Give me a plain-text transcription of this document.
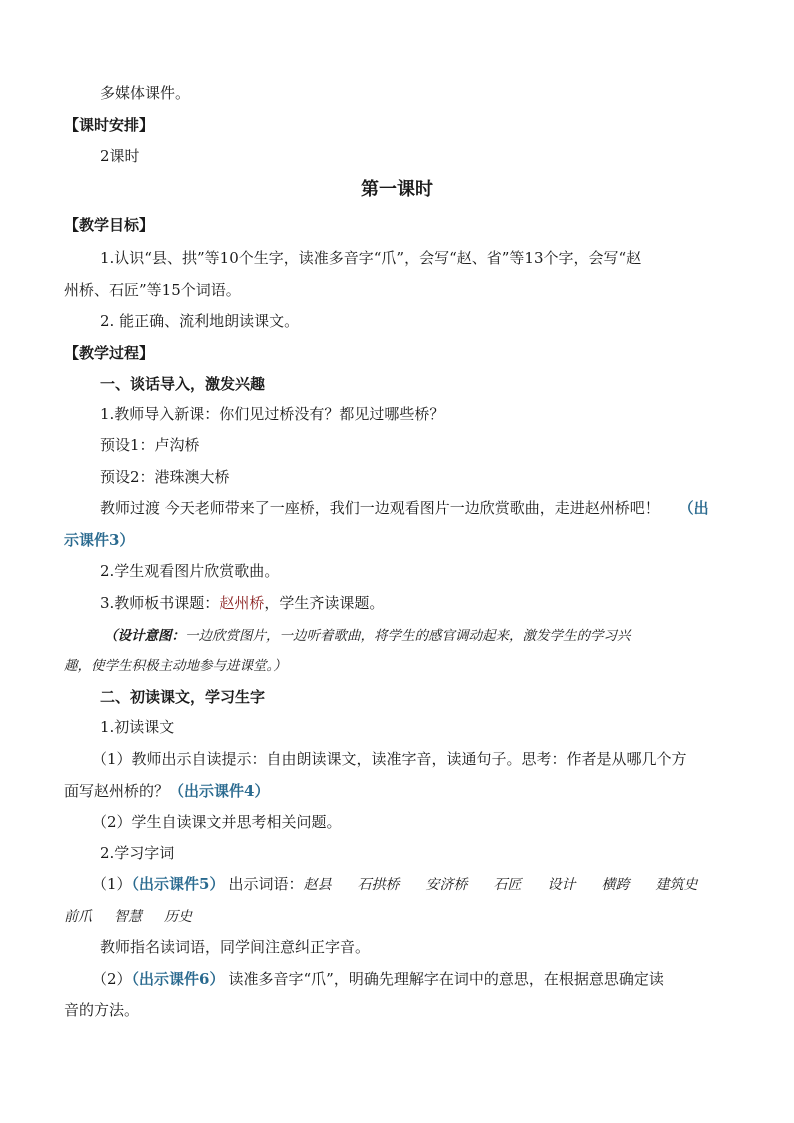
多媒体课件。
【课时安排】
2课时
第一课时
【教学目标】
1.认识“县、拱”等10个生字，读准多音字“爪”，会写“赵、省”等13个字，会写“赵
州桥、石匠”等15个词语。
2. 能正确、流利地朗读课文。
【教学过程】
一、谈话导入，激发兴趣
1.教师导入新课：你们见过桥没有？都见过哪些桥？
预设1：卢沟桥
预设2：港珠澳大桥
教师过渡 今天老师带来了一座桥，我们一边观看图片一边欣赏歌曲，走进赵州桥吧！ （出
示课件3）
2.学生观看图片欣赏歌曲。
3.教师板书课题：赵州桥，学生齐读课题。
（设计意图：一边欣赏图片，一边听着歌曲，将学生的感官调动起来，激发学生的学习兴
趣，使学生积极主动地参与进课堂。）
二、初读课文，学习生字
1.初读课文
（1）教师出示自读提示：自由朗读课文，读准字音，读通句子。思考：作者是从哪几个方
面写赵州桥的？（出示课件4）
（2）学生自读课文并思考相关问题。
2.学习字词
（1）（出示课件5） 出示词语：赵县 石拱桥 安济桥 石匠 设计 横跨 建筑史
前爪 智慧 历史
教师指名读词语，同学间注意纠正字音。
（2）（出示课件6） 读准多音字“爪”，明确先理解字在词中的意思，在根据意思确定读
音的方法。
